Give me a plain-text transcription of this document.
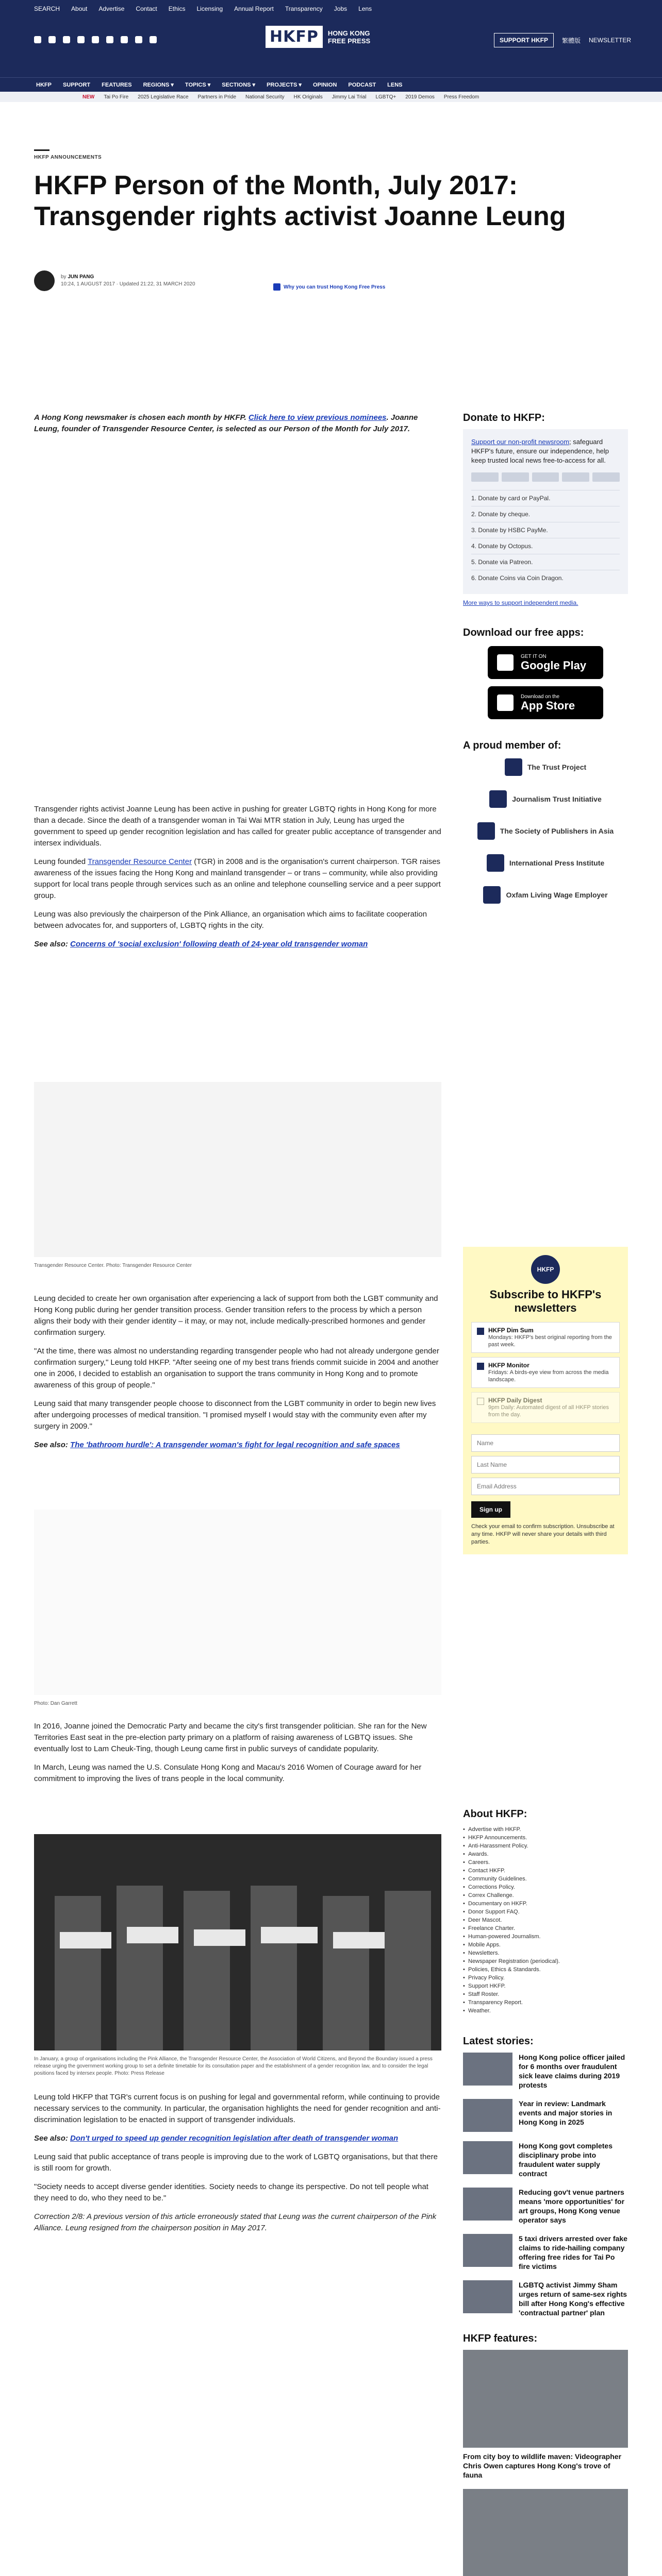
SEARCH About Advertise Contact Ethics Licensing Annual Report Transparency Jobs Lens
HKFP	HONG KONG FREE PRESS	SUPPORT HKFP	繁體版 NEWSLETTER
HKFP SUPPORT FEATURES REGIONS ▾ TOPICS ▾ SECTIONS ▾ PROJECTS ▾ OPINION PODCAST LENS
NEW Tai Po Fire 2025 Legislative Race Partners in Pride National Security HK Originals Jimmy Lai Trial LGBTQ+ 2019 Demos Press Freedom
HKFP ANNOUNCEMENTS
HKFP Person of the Month, July 2017: Transgender rights activist Joanne Leung
by JUN PANG
10:24, 1 AUGUST 2017 · Updated 21:22, 31 MARCH 2020	Why you can trust Hong Kong Free Press

A Hong Kong newsmaker is chosen each month by HKFP. Click here to view previous nominees. Joanne Leung, founder of Transgender Resource Center, is selected as our Person of the Month for July 2017.

Transgender rights activist Joanne Leung has been active in pushing for greater LGBTQ rights in Hong Kong for more than a decade. Since the death of a transgender woman in Tai Wai MTR station in July, Leung has urged the government to speed up gender recognition legislation and has called for greater public acceptance of transgender and intersex individuals.

Leung founded Transgender Resource Center (TGR) in 2008 and is the organisation's current chairperson. TGR raises awareness of the issues facing the Hong Kong and mainland transgender – or trans – community, while also providing support for local trans people through services such as an online and telephone counselling service and a peer support group.

Leung was also previously the chairperson of the Pink Alliance, an organisation which aims to facilitate cooperation between advocates for, and supporters of, LGBTQ rights in the city.

See also: Concerns of 'social exclusion' following death of 24-year old transgender woman

Transgender Resource Center. Photo: Transgender Resource Center

Leung decided to create her own organisation after experiencing a lack of support from both the LGBT community and Hong Kong public during her gender transition process. Gender transition refers to the process by which a person aligns their body with their gender identity – it may, or may not, include medically-prescribed hormones and gender confirmation surgery.

"At the time, there was almost no understanding regarding transgender people who had not already undergone gender confirmation surgery," Leung told HKFP. "After seeing one of my best trans friends commit suicide in 2004 and another one in 2006, I decided to establish an organisation to support the trans community in Hong Kong and to promote awareness of this group of people."

Leung said that many transgender people choose to disconnect from the LGBT community in order to begin new lives after undergoing processes of medical transition. "I promised myself I would stay with the community even after my surgery in 2009."

See also: The 'bathroom hurdle': A transgender woman's fight for legal recognition and safe spaces

Photo: Dan Garrett

In 2016, Joanne joined the Democratic Party and became the city's first transgender politician. She ran for the New Territories East seat in the pre-election party primary on a platform of raising awareness of LGBTQ issues. She eventually lost to Lam Cheuk-Ting, though Leung came first in public surveys of candidate popularity.

In March, Leung was named the U.S. Consulate Hong Kong and Macau's 2016 Women of Courage award for her commitment to improving the lives of trans people in the local community.

In January, a group of organisations including the Pink Alliance, the Transgender Resource Center, the Association of World Citizens, and Beyond the Boundary issued a press release urging the government working group to set a definite timetable for its consultation paper and the establishment of a gender recognition law, and to consider the legal positions faced by intersex people. Photo: Press Release

Leung told HKFP that TGR's current focus is on pushing for legal and governmental reform, while continuing to provide necessary services to the community. In particular, the organisation highlights the need for gender recognition and anti-discrimination legislation to be enacted in support of transgender individuals.

See also: Don't urged to speed up gender recognition legislation after death of transgender woman

Leung said that public acceptance of trans people is improving due to the work of LGBTQ organisations, but that there is still room for growth.

"Society needs to accept diverse gender identities. Society needs to change its perspective. Do not tell people what they need to do, who they need to be."

Correction 2/8: A previous version of this article erroneously stated that Leung was the current chairperson of the Pink Alliance. Leung resigned from the chairperson position in May 2017.

Donate to HKFP:

Support our non-profit newsroom; safeguard HKFP's future, ensure our independence, help keep trusted local news free-to-access for all.

1. Donate by card or PayPal.
2. Donate by cheque.
3. Donate by HSBC PayMe.
4. Donate by Octopus.
5. Donate via Patreon.
6. Donate Coins via Coin Dragon.
More ways to support independent media.
Download our free apps:
GET IT ON
Google Play
Download on the
App Store
A proud member of:
The Trust Project
Journalism Trust Initiative
The Society of Publishers in Asia
International Press Institute
Oxfam Living Wage Employer
HKFP
Subscribe to HKFP's newsletters
HKFP Dim Sum
Mondays: HKFP's best original reporting from the past week.
HKFP Monitor
Fridays: A birds-eye view from across the media landscape.
HKFP Daily Digest
9pm Daily: Automated digest of all HKFP stories from the day.
Name Last Name Email Address
Sign up
Check your email to confirm subscription. Unsubscribe at any time. HKFP will never share your details with third parties.
About HKFP:
• Advertise with HKFP.
• HKFP Announcements.
• Anti-Harassment Policy.
• Awards.
• Careers.
• Contact HKFP.
• Community Guidelines.
• Corrections Policy.
• Correx Challenge.
• Documentary on HKFP.
• Donor Support FAQ.
• Deer Mascot.
• Freelance Charter.
• Human-powered Journalism.
• Mobile Apps.
• Newsletters.
• Newspaper Registration (periodical).
• Policies, Ethics & Standards.
• Privacy Policy.
• Support HKFP.
• Staff Roster.
• Transparency Report.
• Weather.
Latest stories:
Hong Kong police officer jailed for 6 months over fraudulent sick leave claims during 2019 protests
Year in review: Landmark events and major stories in Hong Kong in 2025
Hong Kong govt completes disciplinary probe into fraudulent water supply contract
Reducing gov't venue partners means 'more opportunities' for art groups, Hong Kong venue operator says
5 taxi drivers arrested over fake claims to ride-hailing company offering free rides for Tai Po fire victims
LGBTQ activist Jimmy Sham urges return of same-sex rights bill after Hong Kong's effective 'contractual partner' plan
HKFP features:
From city boy to wildlife maven: Videographer Chris Owen captures Hong Kong's trove of fauna
